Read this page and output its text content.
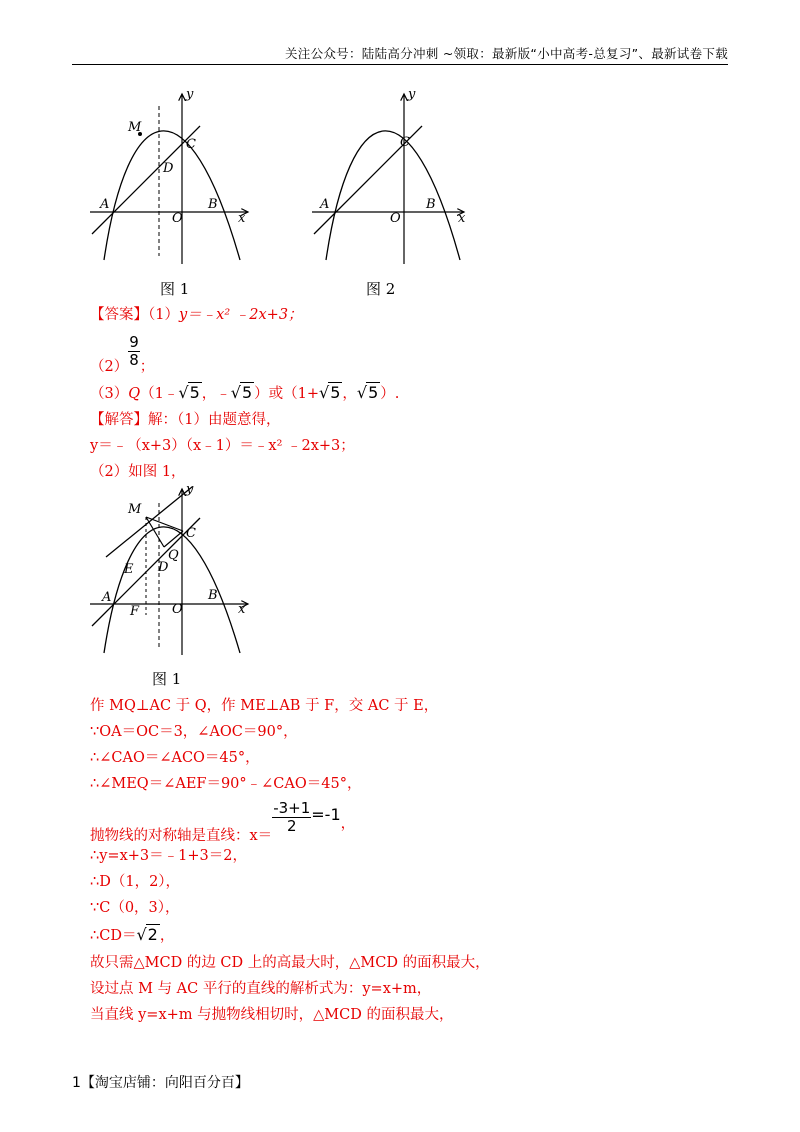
关注公众号：陆陆高分冲刺 ~领取：最新版“小中高考-总复习”、最新试卷下载
y
x
O
A	B
C
D
M
图 1
y
x
O
A	B
C
图 2
【答案】（1）y＝﹣x² ﹣2x+3；
$(2) \frac{9}{8}$ ；
（3）Q（1﹣√5 ，﹣√5 ）或（1+√5 ，√5 ）.
【解答】解：（1）由题意得，
y＝﹣（x+3）（x﹣1）＝﹣x² ﹣2x+3；
（2）如图 1，
y
x
O
A	B
C
D
M
E
F
Q
图 1
作 MQ⊥AC 于 Q，作 ME⊥AB 于 F，交 AC 于 E，
∵OA＝OC＝3，∠AOC＝90°，
∴∠CAO＝∠ACO＝45°，
∴∠MEQ＝∠AEF＝90°﹣∠CAO＝45°，
抛物线的对称轴是直线：x＝
$\frac{-3+1}{2} =-1$，
∴y=x+3＝﹣1+3＝2，
∴D（1，2），
∵C（0，3），
∴CD＝√2 ，
故只需△MCD 的边 CD 上的高最大时，△MCD 的面积最大，
设过点 M 与 AC 平行的直线的解析式为：y=x+m，
当直线 y=x+m 与抛物线相切时，△MCD 的面积最大，
1【淘宝店铺：向阳百分百】
